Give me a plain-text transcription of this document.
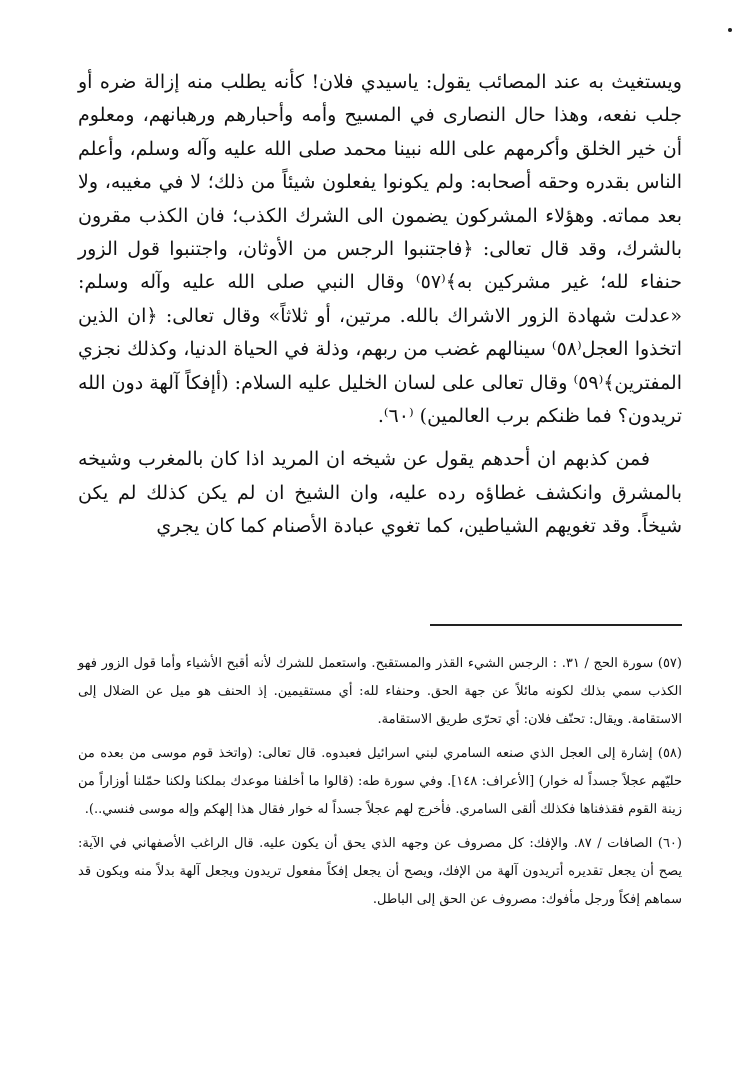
ويستغيث به عند المصائب يقول: ياسيدي فلان! كأنه يطلب منه إزالة ضره أو جلب نفعه، وهذا حال النصارى في المسيح وأمه وأحبارهم ورهبانهم، ومعلوم أن خير الخلق وأكرمهم على الله نبينا محمد صلى الله عليه وآله وسلم، وأعلم الناس بقدره وحقه أصحابه: ولم يكونوا يفعلون شيئاً من ذلك؛ لا في مغيبه، ولا بعد مماته. وهؤلاء المشركون يضمون الى الشرك الكذب؛ فان الكذب مقرون بالشرك، وقد قال تعالى: ﴿فاجتنبوا الرجس من الأوثان، واجتنبوا قول الزور حنفاء لله؛ غير مشركين به﴾⁽٥٧⁾ وقال النبي صلى الله عليه وآله وسلم: «عدلت شهادة الزور الاشراك بالله. مرتين، أو ثلاثاً» وقال تعالى: ﴿ان الذين اتخذوا العجل⁽٥٨⁾ سينالهم غضب من ربهم، وذلة في الحياة الدنيا، وكذلك نجزي المفترين﴾⁽٥٩⁾ وقال تعالى على لسان الخليل عليه السلام: (أإفكاً آلهة دون الله تريدون؟ فما ظنكم برب العالمين) ⁽٦٠⁾.

فمن كذبهم ان أحدهم يقول عن شيخه ان المريد اذا كان بالمغرب وشيخه بالمشرق وانكشف غطاؤه رده عليه، وان الشيخ ان لم يكن كذلك لم يكن شيخاً. وقد تغويهم الشياطين، كما تغوي عبادة الأصنام كما كان يجري

(٥٧) سورة الحج / ٣١. : الرجس الشيء القذر والمستقبح. واستعمل للشرك لأنه أقبح الأشياء وأما قول الزور فهو الكذب سمي بذلك لكونه مائلاً عن جهة الحق. وحنفاء لله: أي مستقيمين. إذ الحنف هو ميل عن الضلال إلى الاستقامة. ويقال: تحنّف فلان: أي تحرّى طريق الاستقامة.

(٥٨) إشارة إلى العجل الذي صنعه السامري لبني اسرائيل فعبدوه. قال تعالى: (واتخذ قوم موسى من بعده من حليّهم عجلاً جسداً له خوار) [الأعراف: ١٤٨]. وفي سورة طه: (قالوا ما أخلفنا موعدك بملكنا ولكنا حمّلنا أوزاراً من زينة القوم فقذفناها فكذلك ألقى السامري. فأخرج لهم عجلاً جسداً له خوار فقال هذا إلهكم وإله موسى فنسي..).

(٦٠) الصافات / ٨٧. والإفك: كل مصروف عن وجهه الذي يحق أن يكون عليه. قال الراغب الأصفهاني في الآية: يصح أن يجعل تقديره أتريدون آلهة من الإفك، ويصح أن يجعل إفكاً مفعول تريدون ويجعل آلهة بدلاً منه ويكون قد سماهم إفكاً ورجل مأفوك: مصروف عن الحق إلى الباطل.
